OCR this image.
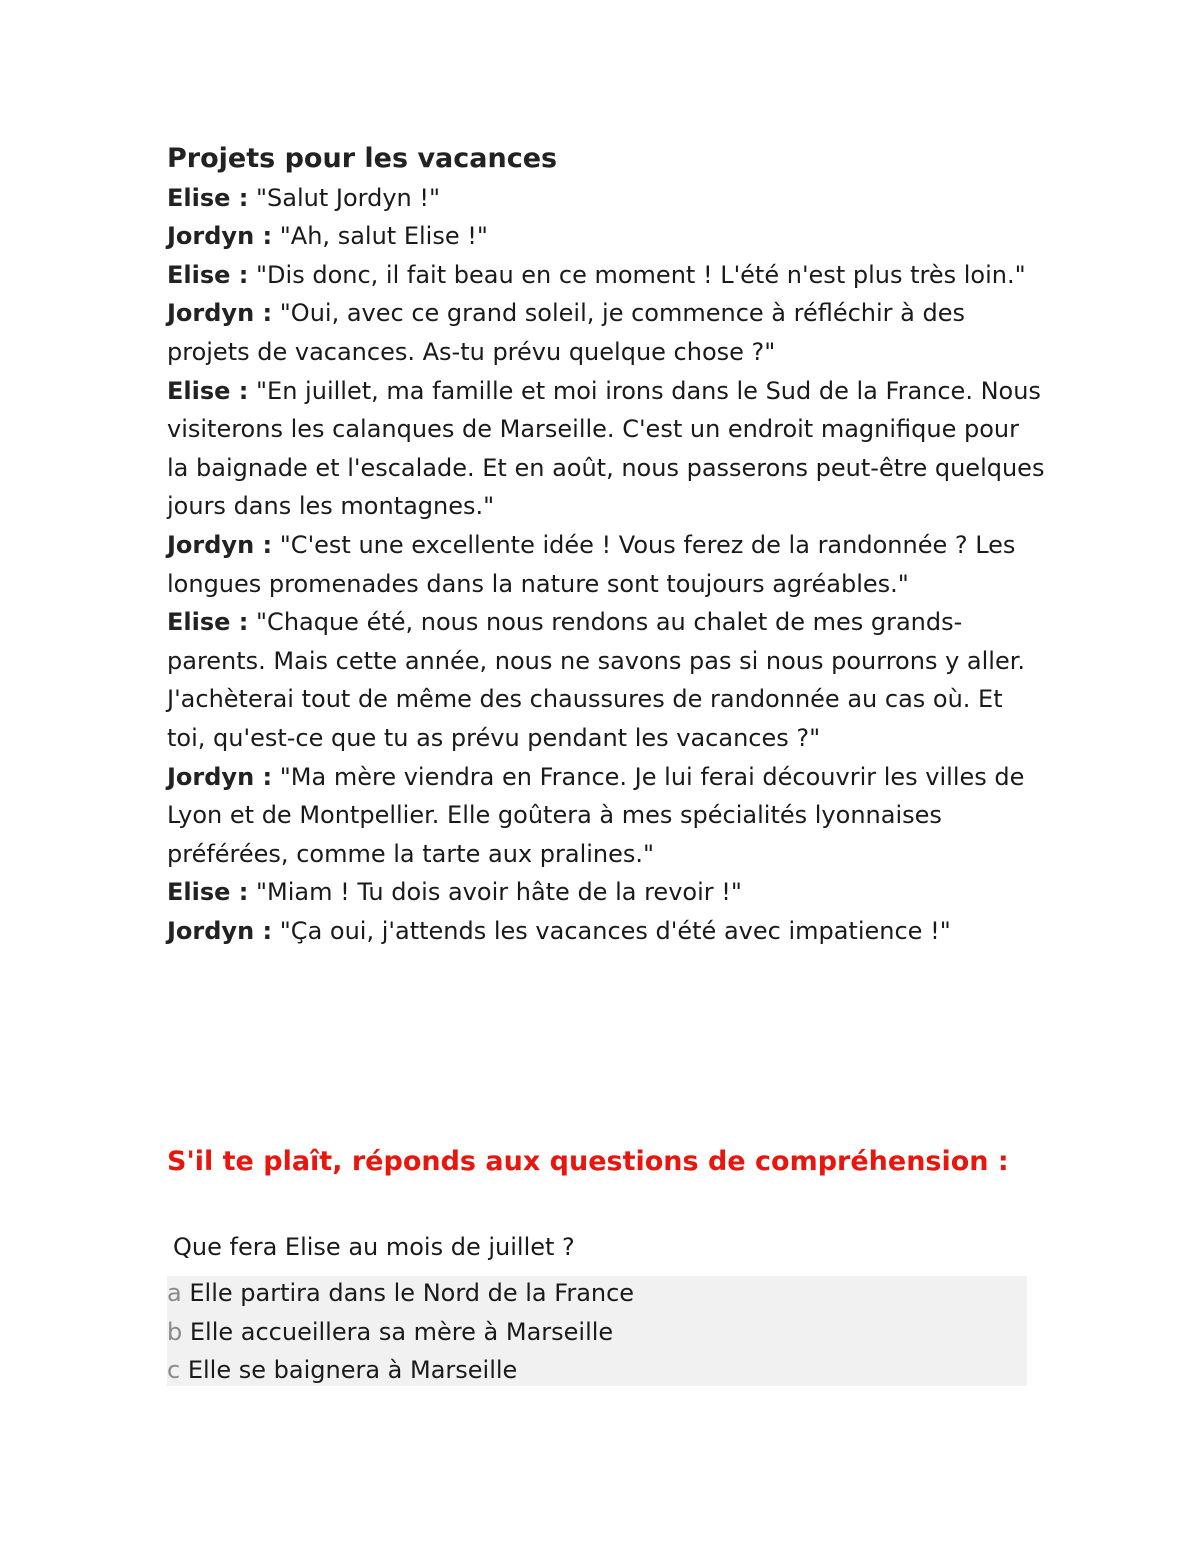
Projets pour les vacances

Elise : "Salut Jordyn !"

Jordyn : "Ah, salut Elise !"

Elise : "Dis donc, il fait beau en ce moment ! L'été n'est plus très loin."

Jordyn : "Oui, avec ce grand soleil, je commence à réfléchir à des projets de vacances. As-tu prévu quelque chose ?"

Elise : "En juillet, ma famille et moi irons dans le Sud de la France. Nous visiterons les calanques de Marseille. C'est un endroit magnifique pour la baignade et l'escalade. Et en août, nous passerons peut-être quelques jours dans les montagnes."

Jordyn : "C'est une excellente idée ! Vous ferez de la randonnée ? Les longues promenades dans la nature sont toujours agréables."

Elise : "Chaque été, nous nous rendons au chalet de mes grands-parents. Mais cette année, nous ne savons pas si nous pourrons y aller. J'achèterai tout de même des chaussures de randonnée au cas où. Et toi, qu'est-ce que tu as prévu pendant les vacances ?"

Jordyn : "Ma mère viendra en France. Je lui ferai découvrir les villes de Lyon et de Montpellier. Elle goûtera à mes spécialités lyonnaises préférées, comme la tarte aux pralines."

Elise : "Miam ! Tu dois avoir hâte de la revoir !"

Jordyn : "Ça oui, j'attends les vacances d'été avec impatience !"

S'il te plaît, réponds aux questions de compréhension :

Que fera Elise au mois de juillet ?

a Elle partira dans le Nord de la France
b Elle accueillera sa mère à Marseille
c Elle se baignera à Marseille
